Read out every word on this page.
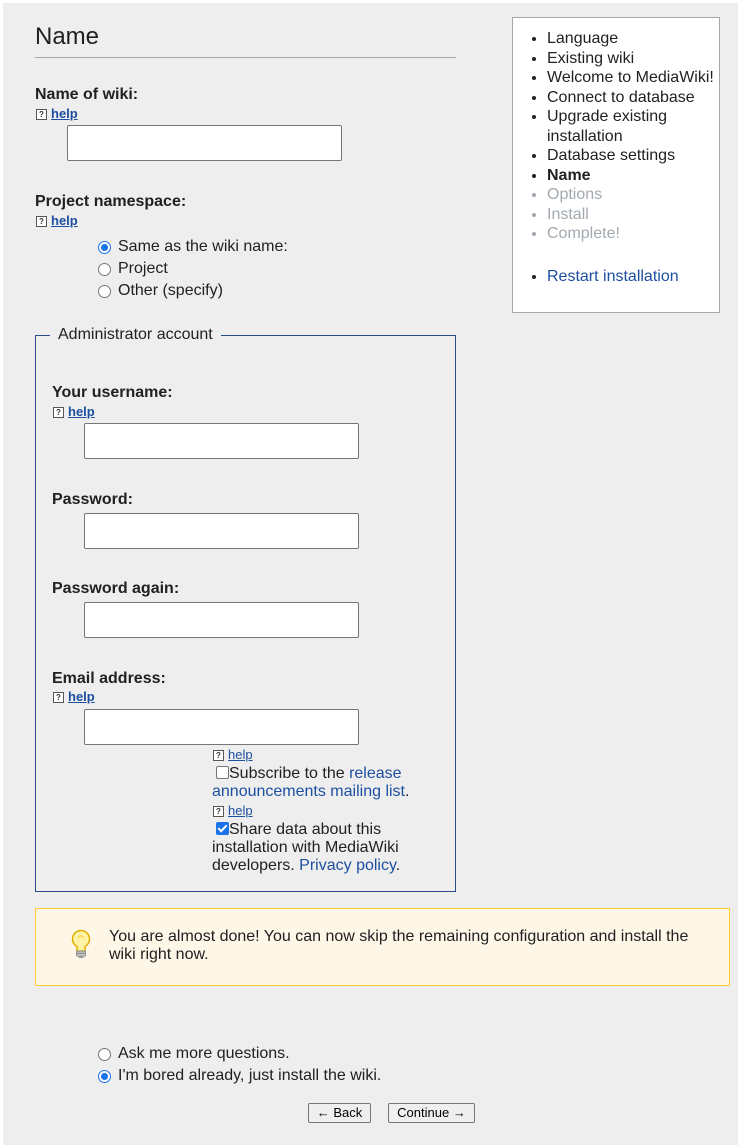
Name
Name of wiki:
? help
Project namespace:
? help
Same as the wiki name:
Project
Other (specify)
Administrator account
Your username:
? help
Password:
Password again:
Email address:
? help
? help
Subscribe to the release announcements mailing list.
? help
Share data about this installation with MediaWiki developers. Privacy policy.
You are almost done! You can now skip the remaining configuration and install the wiki right now.
Ask me more questions.
I'm bored already, just install the wiki.
← Back	Continue →
• Language
• Existing wiki
• Welcome to MediaWiki!
• Connect to database
• Upgrade existing installation
• Database settings
• Name
• Options
• Install
• Complete!
• Restart installation
